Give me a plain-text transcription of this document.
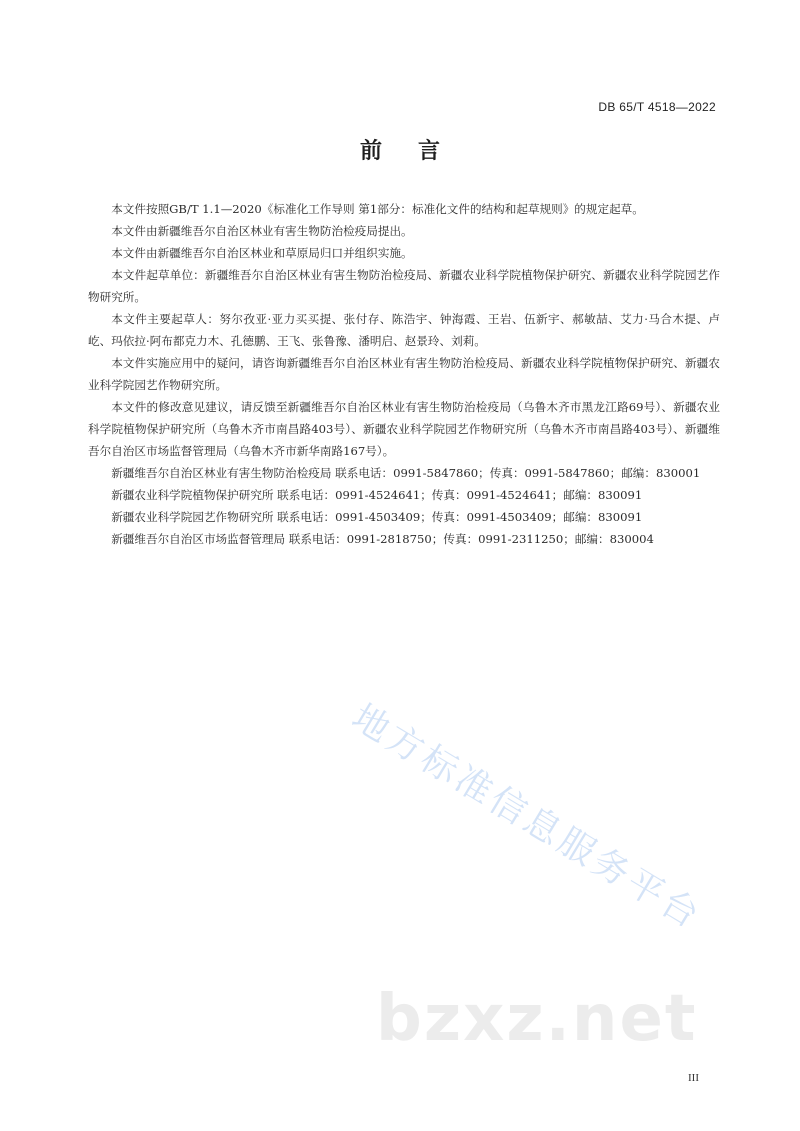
DB 65/T 4518—2022
前 言

本文件按照GB/T 1.1—2020《标准化工作导则 第1部分：标准化文件的结构和起草规则》的规定起草。

本文件由新疆维吾尔自治区林业有害生物防治检疫局提出。

本文件由新疆维吾尔自治区林业和草原局归口并组织实施。

本文件起草单位：新疆维吾尔自治区林业有害生物防治检疫局、新疆农业科学院植物保护研究、新疆农业科学院园艺作物研究所。

本文件主要起草人：努尔孜亚·亚力买买提、张付存、陈浩宇、钟海霞、王岩、伍新宇、郝敏喆、艾力·马合木提、卢屹、玛依拉·阿布都克力木、孔德鹏、王飞、张鲁豫、潘明启、赵景玲、刘莉。

本文件实施应用中的疑问，请咨询新疆维吾尔自治区林业有害生物防治检疫局、新疆农业科学院植物保护研究、新疆农业科学院园艺作物研究所。

本文件的修改意见建议，请反馈至新疆维吾尔自治区林业有害生物防治检疫局（乌鲁木齐市黑龙江路69号）、新疆农业科学院植物保护研究所（乌鲁木齐市南昌路403号）、新疆农业科学院园艺作物研究所（乌鲁木齐市南昌路403号）、新疆维吾尔自治区市场监督管理局（乌鲁木齐市新华南路167号）。

新疆维吾尔自治区林业有害生物防治检疫局 联系电话：0991-5847860；传真：0991-5847860；邮编：830001

新疆农业科学院植物保护研究所 联系电话：0991-4524641；传真：0991-4524641；邮编：830091

新疆农业科学院园艺作物研究所 联系电话：0991-4503409；传真：0991-4503409；邮编：830091

新疆维吾尔自治区市场监督管理局 联系电话：0991-2818750；传真：0991-2311250；邮编：830004

地方标准信息服务平台
bzxz.net
III
